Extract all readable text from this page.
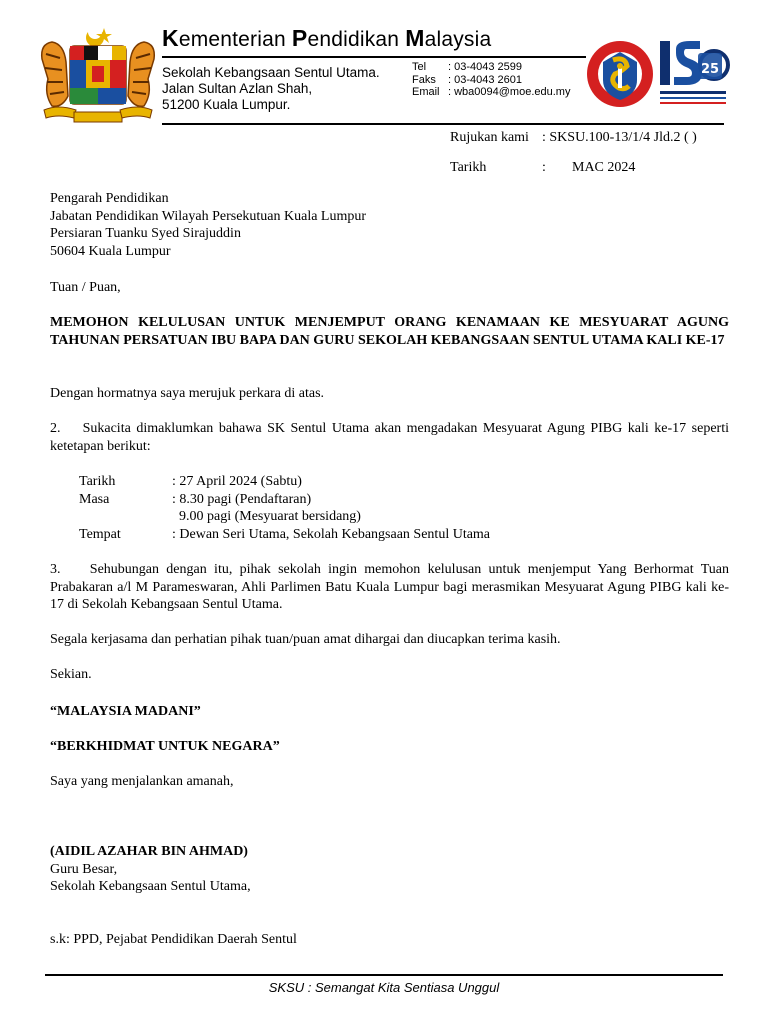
Kementerian Pendidikan Malaysia
Sekolah Kebangsaan Sentul Utama.
Jalan Sultan Azlan Shah,
51200 Kuala Lumpur.
Tel : 03-4043 2599
Faks : 03-4043 2601
Email : wba0094@moe.edu.my
25
Rujukan kami : SKSU.100-13/1/4 Jld.2 ( )
Tarikh	: MAC 2024
Pengarah Pendidikan
Jabatan Pendidikan Wilayah Persekutuan Kuala Lumpur
Persiaran Tuanku Syed Sirajuddin
50604 Kuala Lumpur
Tuan / Puan,
MEMOHON KELULUSAN UNTUK MENJEMPUT ORANG KENAMAAN KE MESYUARAT AGUNG TAHUNAN PERSATUAN IBU BAPA DAN GURU SEKOLAH KEBANGSAAN SENTUL UTAMA KALI KE-17
Dengan hormatnya saya merujuk perkara di atas.
2.    Sukacita dimaklumkan bahawa SK Sentul Utama akan mengadakan Mesyuarat Agung PIBG kali ke-17 seperti ketetapan berikut:
Tarikh	: 27 April 2024 (Sabtu)
Masa	: 8.30 pagi (Pendaftaran)
9.00 pagi (Mesyuarat bersidang)
Tempat	: Dewan Seri Utama, Sekolah Kebangsaan Sentul Utama
3.    Sehubungan dengan itu, pihak sekolah ingin memohon kelulusan untuk menjemput Yang Berhormat Tuan Prabakaran a/l M Parameswaran, Ahli Parlimen Batu Kuala Lumpur bagi merasmikan Mesyuarat Agung PIBG kali ke-17 di Sekolah Kebangsaan Sentul Utama.
Segala kerjasama dan perhatian pihak tuan/puan amat dihargai dan diucapkan terima kasih.
Sekian.
“MALAYSIA MADANI”
“BERKHIDMAT UNTUK NEGARA”
Saya yang menjalankan amanah,
(AIDIL AZAHAR BIN AHMAD)
Guru Besar,
Sekolah Kebangsaan Sentul Utama,
s.k: PPD, Pejabat Pendidikan Daerah Sentul
SKSU : Semangat Kita Sentiasa Unggul
